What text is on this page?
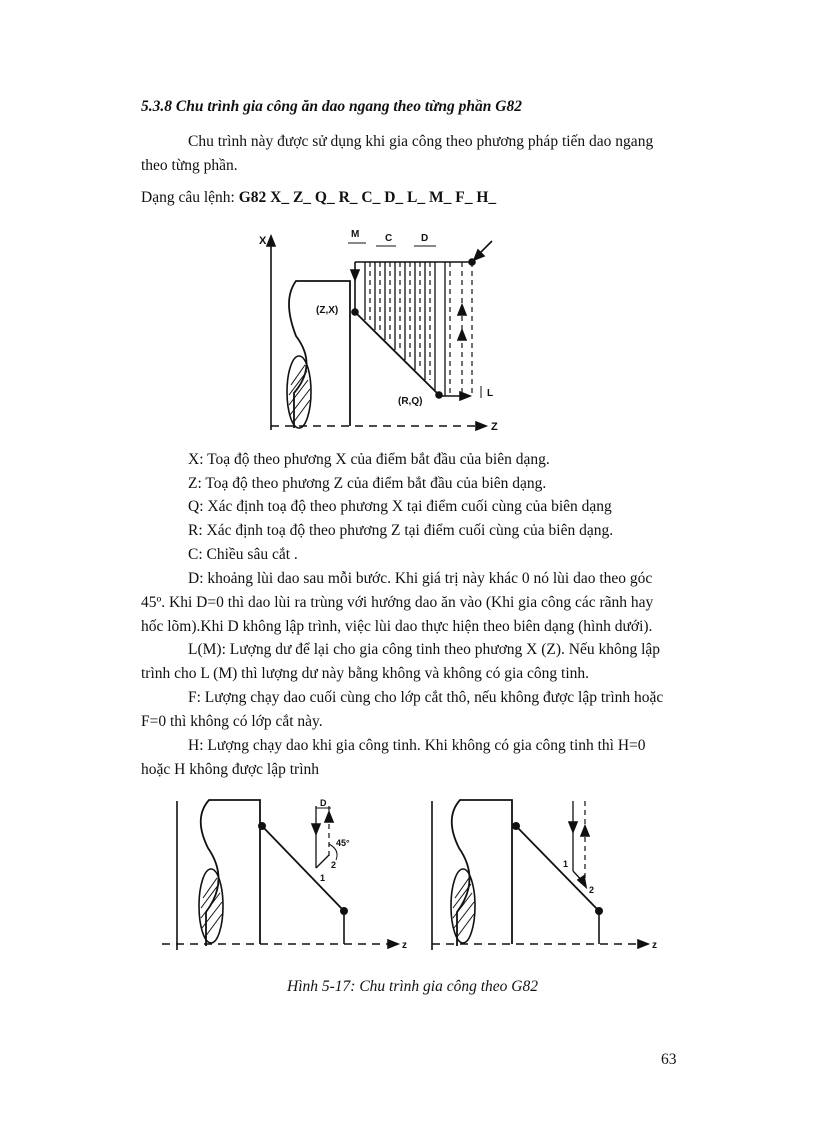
5.3.8 Chu trình gia công ăn dao ngang theo từng phần G82
Chu trình này được sử dụng khi gia công theo phương pháp tiến dao ngang
theo từng phần.
Dạng câu lệnh: G82 X_ Z_ Q_ R_ C_ D_ L_ M_ F_ H_
X
Z
M	C	D
(Z,X)
(R,Q)
L
X: Toạ độ theo phương X của điểm bắt đầu của biên dạng.
Z: Toạ độ theo phương Z của điểm bắt đầu của biên dạng.
Q: Xác định toạ độ theo phương X tại điểm cuối cùng của biên dạng
R: Xác định toạ độ theo phương Z tại điểm cuối cùng của biên dạng.
C: Chiều sâu cắt .
D: khoảng lùi dao sau mỗi bước. Khi giá trị này khác 0 nó lùi dao theo góc
45º. Khi D=0 thì dao lùi ra trùng với hướng dao ăn vào (Khi gia công các rãnh hay
hốc lõm).Khi D không lập trình, việc lùi dao thực hiện theo biên dạng (hình dưới).
L(M): Lượng dư để lại cho gia công tinh theo phương X (Z). Nếu không lập
trình cho L (M) thì lượng dư này bằng không và không có gia công tinh.
F: Lượng chạy dao cuối cùng cho lớp cắt thô, nếu không được lập trình hoặc
F=0 thì không có lớp cắt này.
H: Lượng chạy dao khi gia công tinh. Khi không có gia công tinh thì H=0
hoặc H không được lập trình
D
45°
1
2
z
1
2
z
Hình 5-17: Chu trình gia công theo G82
63
